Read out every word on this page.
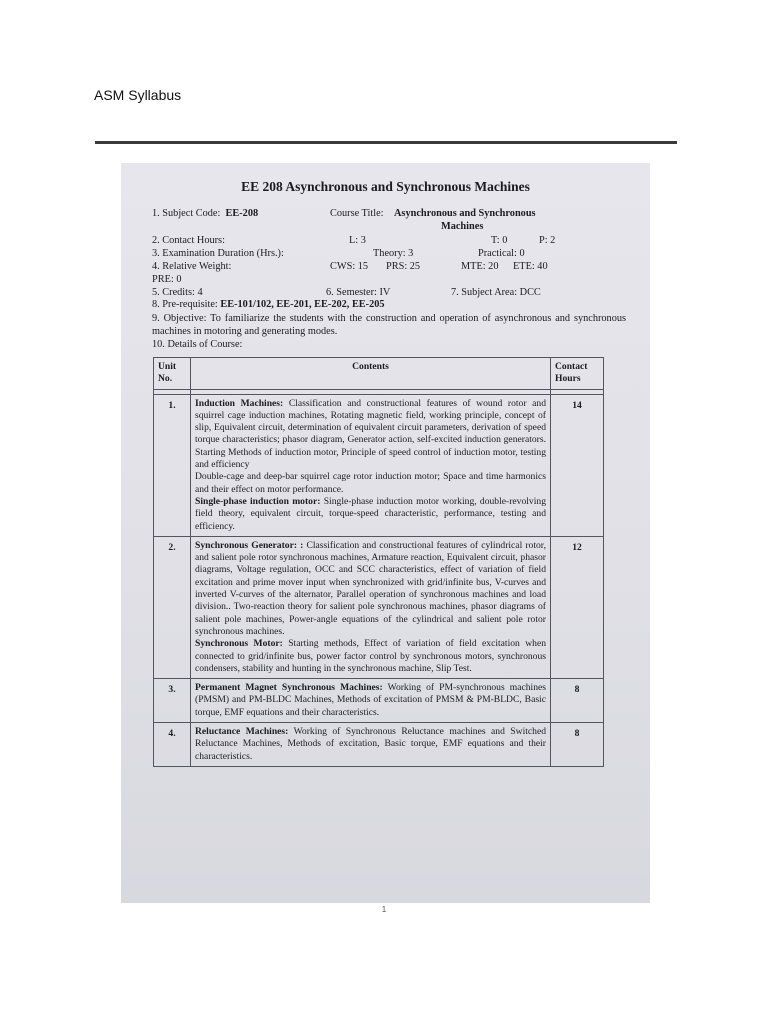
ASM Syllabus
EE 208 Asynchronous and Synchronous Machines
1. Subject Code: EE-208	Course Title: Asynchronous and Synchronous
Machines
2. Contact Hours:	L: 3	T: 0	P: 2
3. Examination Duration (Hrs.):	Theory: 3	Practical: 0
4. Relative Weight:	CWS: 15 PRS: 25	MTE: 20 ETE: 40
PRE: 0
5. Credits: 4	6. Semester: IV	7. Subject Area: DCC
8. Pre-requisite: EE-101/102, EE-201, EE-202, EE-205
9. Objective: To familiarize the students with the construction and operation of asynchronous and synchronous machines in motoring and generating modes.
10. Details of Course:
Unit No.	Contents	Contact Hours

1.	Induction Machines: Classification and constructional features of wound rotor and squirrel cage induction machines, Rotating magnetic field, working principle, concept of slip, Equivalent circuit, determination of equivalent circuit parameters, derivation of speed torque characteristics; phasor diagram, Generator action, self-excited induction generators. Starting Methods of induction motor, Principle of speed control of induction motor, testing and efficiency
Double-cage and deep-bar squirrel cage rotor induction motor; Space and time harmonics and their effect on motor performance.
Single-phase induction motor: Single-phase induction motor working, double-revolving field theory, equivalent circuit, torque-speed characteristic, performance, testing and efficiency.	14
2.	Synchronous Generator: : Classification and constructional features of cylindrical rotor, and salient pole rotor synchronous machines, Armature reaction, Equivalent circuit, phasor diagrams, Voltage regulation, OCC and SCC characteristics, effect of variation of field excitation and prime mover input when synchronized with grid/infinite bus, V-curves and inverted V-curves of the alternator, Parallel operation of synchronous machines and load division.. Two-reaction theory for salient pole synchronous machines, phasor diagrams of salient pole machines, Power-angle equations of the cylindrical and salient pole rotor synchronous machines.
Synchronous Motor: Starting methods, Effect of variation of field excitation when connected to grid/infinite bus, power factor control by synchronous motors, synchronous condensers, stability and hunting in the synchronous machine, Slip Test.	12
3.	Permanent Magnet Synchronous Machines: Working of PM-synchronous machines (PMSM) and PM-BLDC Machines, Methods of excitation of PMSM & PM-BLDC, Basic torque, EMF equations and their characteristics.	8
4.	Reluctance Machines: Working of Synchronous Reluctance machines and Switched Reluctance Machines, Methods of excitation, Basic torque, EMF equations and their characteristics.	8
1
